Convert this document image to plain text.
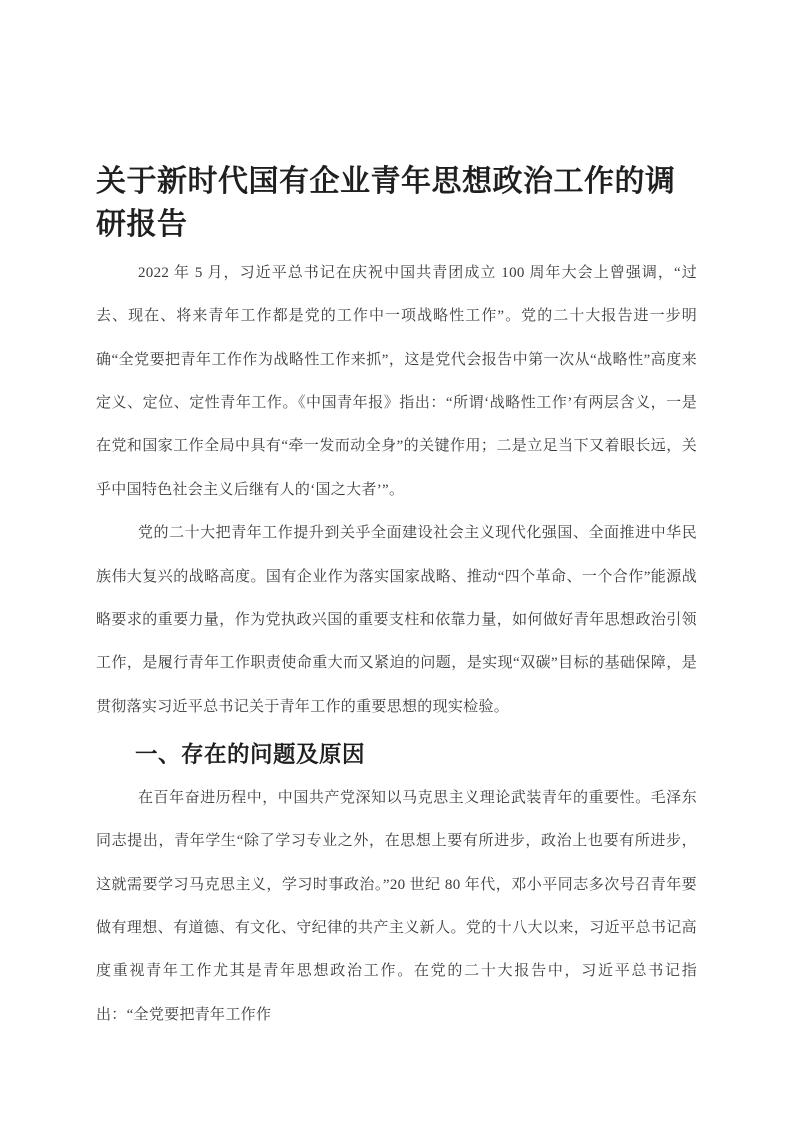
关于新时代国有企业青年思想政治工作的调研报告

2022 年 5 月，习近平总书记在庆祝中国共青团成立 100 周年大会上曾强调，“过去、现在、将来青年工作都是党的工作中一项战略性工作”。党的二十大报告进一步明确“全党要把青年工作作为战略性工作来抓”，这是党代会报告中第一次从“战略性”高度来定义、定位、定性青年工作。《中国青年报》指出：“所谓‘战略性工作’有两层含义，一是在党和国家工作全局中具有“牵一发而动全身”的关键作用；二是立足当下又着眼长远，关乎中国特色社会主义后继有人的‘国之大者’”。

党的二十大把青年工作提升到关乎全面建设社会主义现代化强国、全面推进中华民族伟大复兴的战略高度。国有企业作为落实国家战略、推动“四个革命、一个合作”能源战略要求的重要力量，作为党执政兴国的重要支柱和依靠力量，如何做好青年思想政治引领工作，是履行青年工作职责使命重大而又紧迫的问题，是实现“双碳”目标的基础保障，是贯彻落实习近平总书记关于青年工作的重要思想的现实检验。

一、存在的问题及原因

在百年奋进历程中，中国共产党深知以马克思主义理论武装青年的重要性。毛泽东同志提出，青年学生“除了学习专业之外，在思想上要有所进步，政治上也要有所进步，这就需要学习马克思主义，学习时事政治。”20 世纪 80 年代，邓小平同志多次号召青年要做有理想、有道德、有文化、守纪律的共产主义新人。党的十八大以来，习近平总书记高度重视青年工作尤其是青年思想政治工作。在党的二十大报告中，习近平总书记指出：“全党要把青年工作作
